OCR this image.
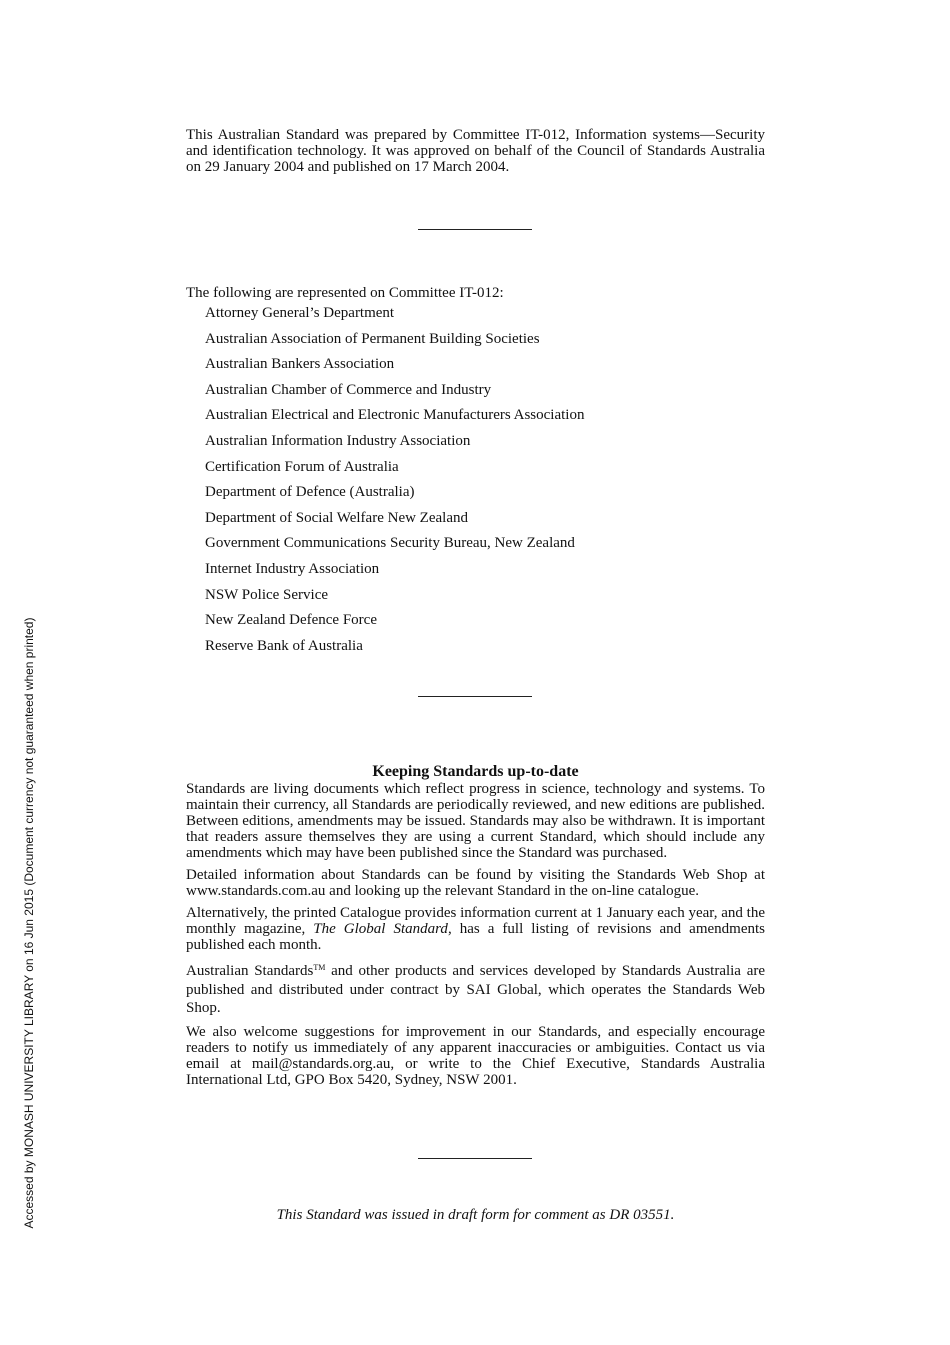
Accessed by MONASH UNIVERSITY LIBRARY on 16 Jun 2015 (Document currency not guaranteed when printed)

This Australian Standard was prepared by Committee IT-012, Information systems—Security and identification technology. It was approved on behalf of the Council of Standards Australia on 29 January 2004 and published on 17 March 2004.

The following are represented on Committee IT-012:

Attorney General’s Department
Australian Association of Permanent Building Societies
Australian Bankers Association
Australian Chamber of Commerce and Industry
Australian Electrical and Electronic Manufacturers Association
Australian Information Industry Association
Certification Forum of Australia
Department of Defence (Australia)
Department of Social Welfare New Zealand
Government Communications Security Bureau, New Zealand
Internet Industry Association
NSW Police Service
New Zealand Defence Force
Reserve Bank of Australia
Keeping Standards up-to-date

Standards are living documents which reflect progress in science, technology and systems. To maintain their currency, all Standards are periodically reviewed, and new editions are published. Between editions, amendments may be issued. Standards may also be withdrawn. It is important that readers assure themselves they are using a current Standard, which should include any amendments which may have been published since the Standard was purchased.

Detailed information about Standards can be found by visiting the Standards Web Shop at www.standards.com.au and looking up the relevant Standard in the on-line catalogue.

Alternatively, the printed Catalogue provides information current at 1 January each year, and the monthly magazine, The Global Standard, has a full listing of revisions and amendments published each month.

Australian Standards™ and other products and services developed by Standards Australia are published and distributed under contract by SAI Global, which operates the Standards Web Shop.

We also welcome suggestions for improvement in our Standards, and especially encourage readers to notify us immediately of any apparent inaccuracies or ambiguities. Contact us via email at mail@standards.org.au, or write to the Chief Executive, Standards Australia International Ltd, GPO Box 5420, Sydney, NSW 2001.

This Standard was issued in draft form for comment as DR 03551.
